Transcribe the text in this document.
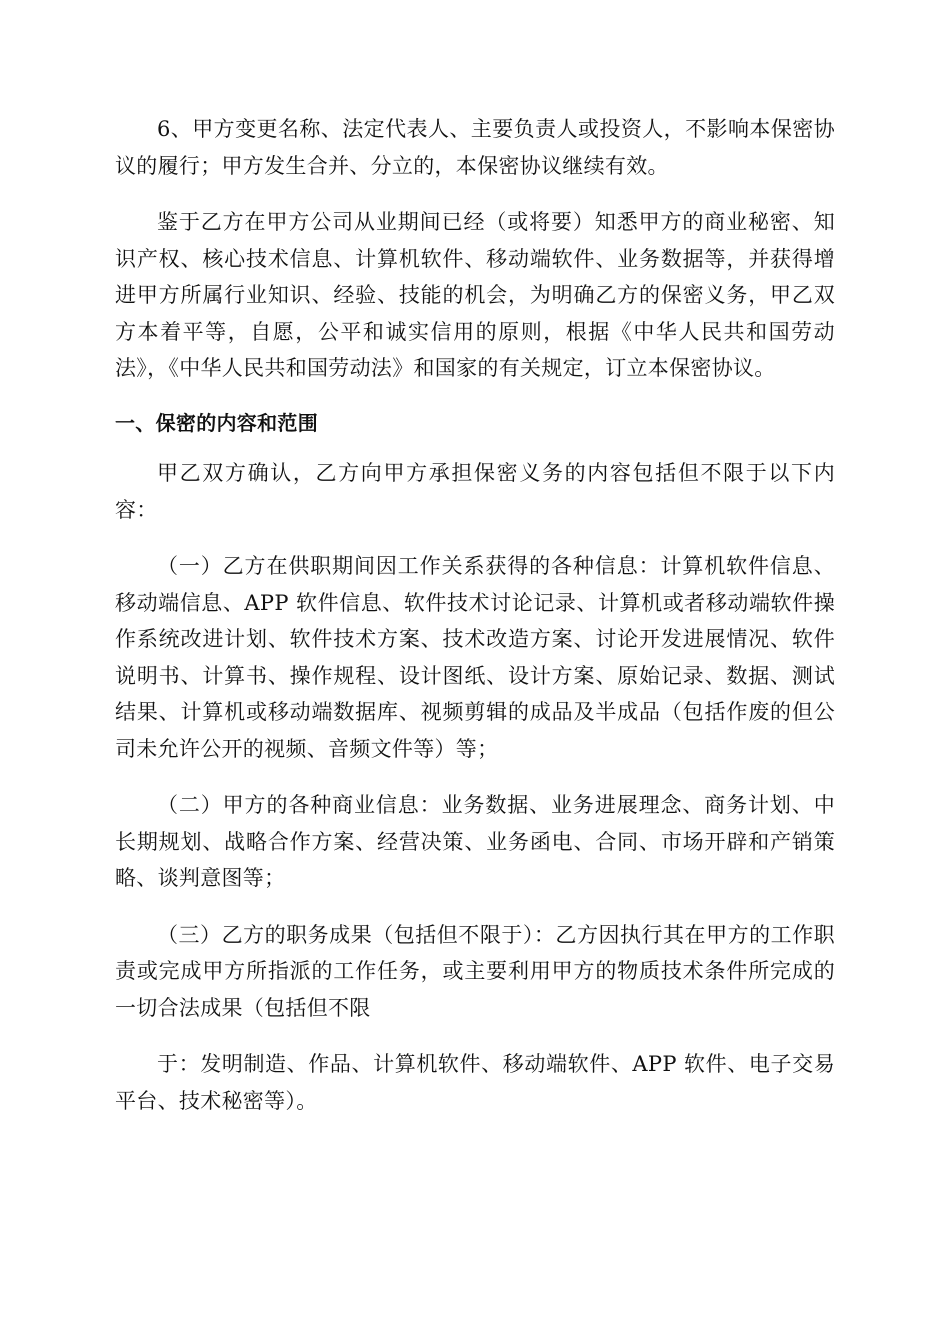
6、甲方变更名称、法定代表人、主要负责人或投资人，不影响本保密协议的履行；甲方发生合并、分立的，本保密协议继续有效。

鉴于乙方在甲方公司从业期间已经（或将要）知悉甲方的商业秘密、知识产权、核心技术信息、计算机软件、移动端软件、业务数据等，并获得增进甲方所属行业知识、经验、技能的机会，为明确乙方的保密义务，甲乙双方本着平等，自愿，公平和诚实信用的原则，根据《中华人民共和国劳动法》，《中华人民共和国劳动法》和国家的有关规定，订立本保密协议。

一、保密的内容和范围

甲乙双方确认，乙方向甲方承担保密义务的内容包括但不限于以下内容：

（一）乙方在供职期间因工作关系获得的各种信息：计算机软件信息、移动端信息、APP 软件信息、软件技术讨论记录、计算机或者移动端软件操作系统改进计划、软件技术方案、技术改造方案、讨论开发进展情况、软件说明书、计算书、操作规程、设计图纸、设计方案、原始记录、数据、测试结果、计算机或移动端数据库、视频剪辑的成品及半成品（包括作废的但公司未允许公开的视频、音频文件等）等；

（二）甲方的各种商业信息：业务数据、业务进展理念、商务计划、中长期规划、战略合作方案、经营决策、业务函电、合同、市场开辟和产销策略、谈判意图等；

（三）乙方的职务成果（包括但不限于）：乙方因执行其在甲方的工作职责或完成甲方所指派的工作任务，或主要利用甲方的物质技术条件所完成的一切合法成果（包括但不限

于：发明制造、作品、计算机软件、移动端软件、APP 软件、电子交易平台、技术秘密等）。
